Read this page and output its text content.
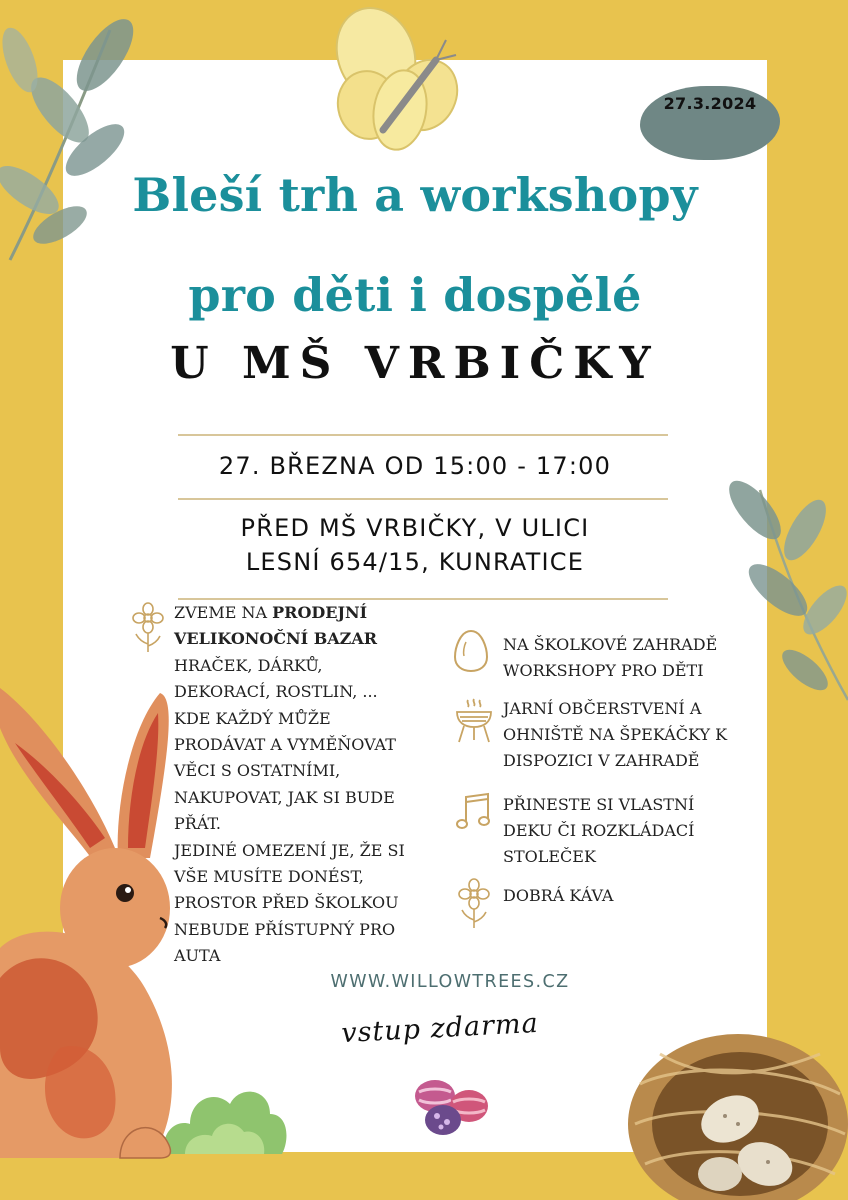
27.3.2024
Bleší trh a workshopy
pro děti i dospělé
U MŠ VRBIČKY

27. BŘEZNA OD 15:00 - 17:00

PŘED MŠ VRBIČKY, V ULICI

LESNÍ 654/15, KUNRATICE

ZVEME NA PRODEJNÍ

VELIKONOČNÍ BAZAR

HRAČEK, DÁRKŮ,

DEKORACÍ, ROSTLIN, ...

KDE KAŽDÝ MŮŽE

PRODÁVAT A VYMĚŇOVAT

VĚCI S OSTATNÍMI,

NAKUPOVAT, JAK SI BUDE

PŘÁT.

JEDINÉ OMEZENÍ JE, ŽE SI

VŠE MUSÍTE DONÉST,

PROSTOR PŘED ŠKOLKOU

NEBUDE PŘÍSTUPNÝ PRO

AUTA

NA ŠKOLKOVÉ ZAHRADĚ

WORKSHOPY PRO DĚTI

JARNÍ OBČERSTVENÍ A

OHNIŠTĚ NA ŠPEKÁČKY K

DISPOZICI V ZAHRADĚ

PŘINESTE SI VLASTNÍ

DEKU ČI ROZKLÁDACÍ

STOLEČEK

DOBRÁ KÁVA

WWW.WILLOWTREES.CZ

vstup zdarma
